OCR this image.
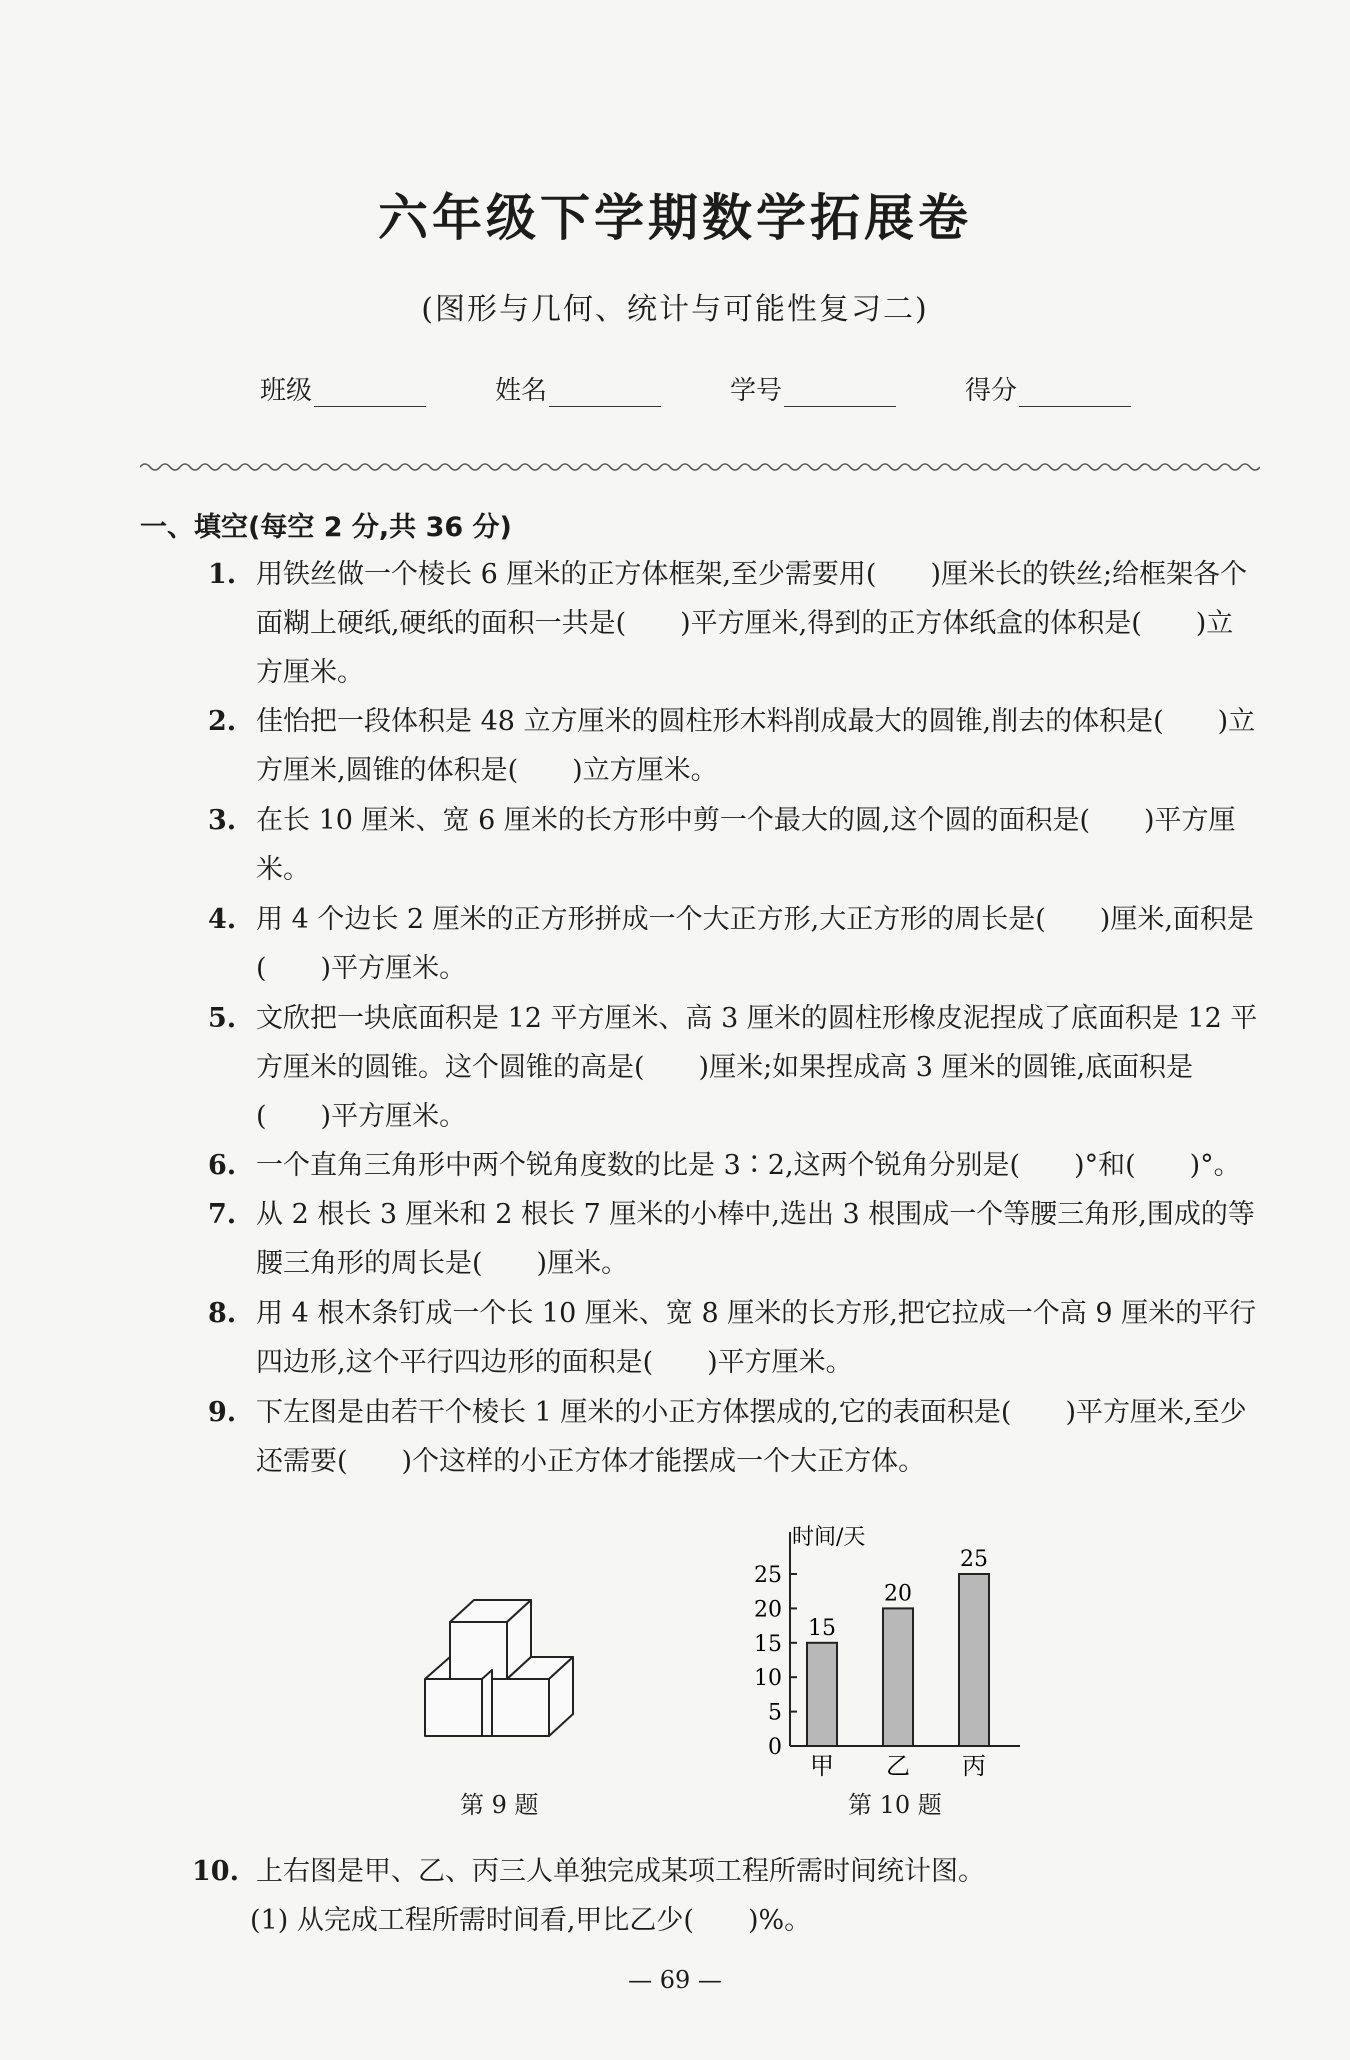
六年级下学期数学拓展卷
(图形与几何、统计与可能性复习二)
班级	姓名	学号	得分
一、填空(每空 2 分,共 36 分)
1. 用铁丝做一个棱长 6 厘米的正方体框架,至少需要用(　　)厘米长的铁丝;给框架各个面糊上硬纸,硬纸的面积一共是(　　)平方厘米,得到的正方体纸盒的体积是(　　)立方厘米。
2. 佳怡把一段体积是 48 立方厘米的圆柱形木料削成最大的圆锥,削去的体积是(　　)立方厘米,圆锥的体积是(　　)立方厘米。
3. 在长 10 厘米、宽 6 厘米的长方形中剪一个最大的圆,这个圆的面积是(　　)平方厘米。
4. 用 4 个边长 2 厘米的正方形拼成一个大正方形,大正方形的周长是(　　)厘米,面积是(　　)平方厘米。
5. 文欣把一块底面积是 12 平方厘米、高 3 厘米的圆柱形橡皮泥捏成了底面积是 12 平方厘米的圆锥。这个圆锥的高是(　　)厘米;如果捏成高 3 厘米的圆锥,底面积是(　　)平方厘米。
6. 一个直角三角形中两个锐角度数的比是 3∶2,这两个锐角分别是(　　)°和(　　)°。
7. 从 2 根长 3 厘米和 2 根长 7 厘米的小棒中,选出 3 根围成一个等腰三角形,围成的等腰三角形的周长是(　　)厘米。
8. 用 4 根木条钉成一个长 10 厘米、宽 8 厘米的长方形,把它拉成一个高 9 厘米的平行四边形,这个平行四边形的面积是(　　)平方厘米。
9. 下左图是由若干个棱长 1 厘米的小正方体摆成的,它的表面积是(　　)平方厘米,至少还需要(　　)个这样的小正方体才能摆成一个大正方体。
第 9 题
时间/天
0
5
10
15
20
25
15
甲
20
乙
25
丙
第 10 题
10. 上右图是甲、乙、丙三人单独完成某项工程所需时间统计图。
(1) 从完成工程所需时间看,甲比乙少(　　)%。
— 69 —
